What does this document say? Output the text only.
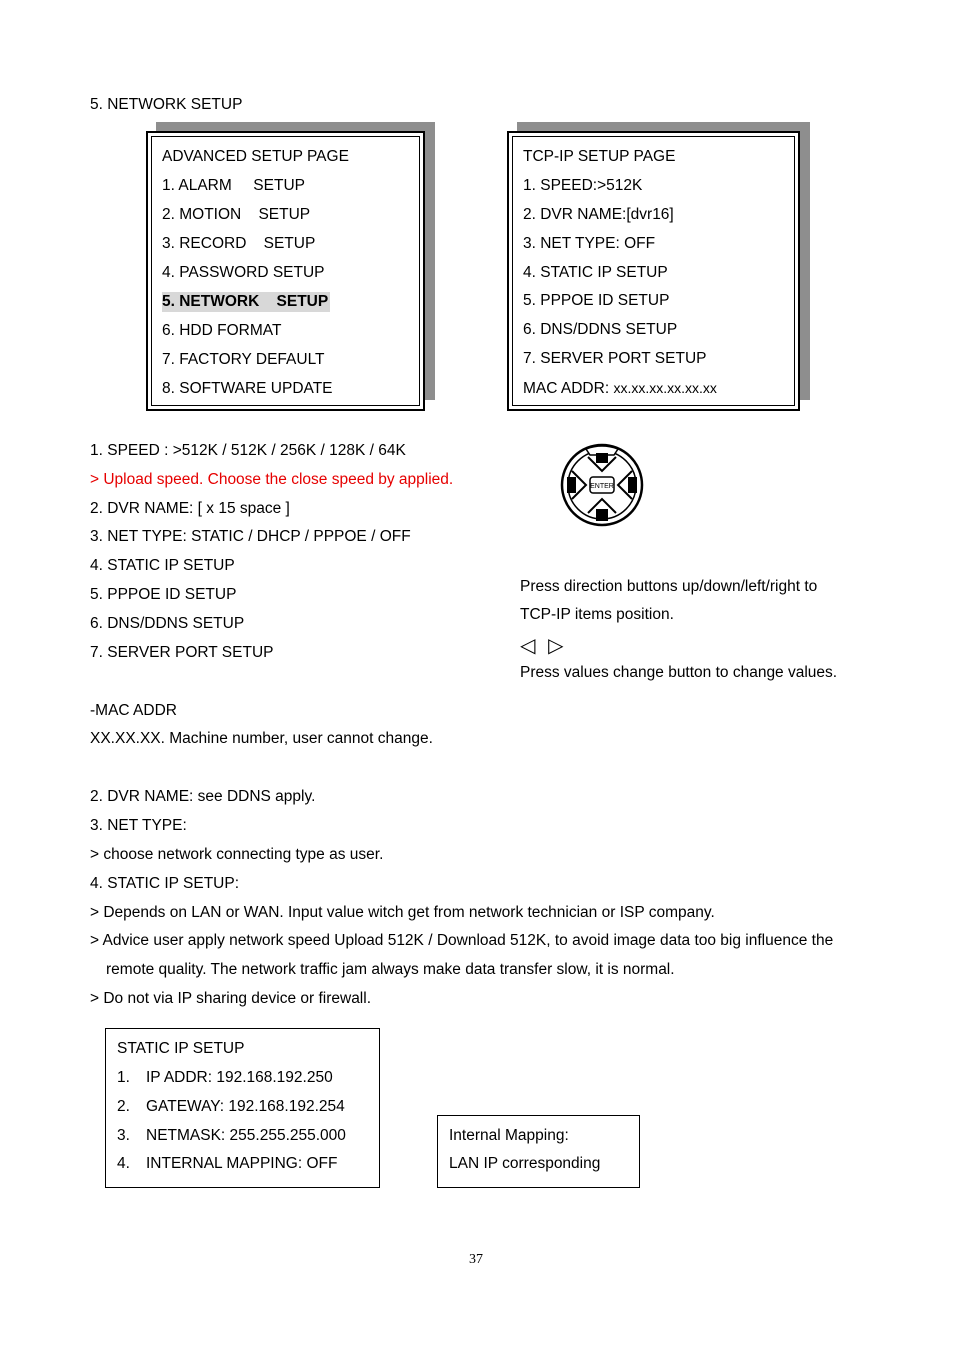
5. NETWORK SETUP
ADVANCED SETUP PAGE
1. ALARM     SETUP
2. MOTION    SETUP
3. RECORD    SETUP
4. PASSWORD SETUP
5. NETWORK    SETUP
6. HDD FORMAT
7. FACTORY DEFAULT
8. SOFTWARE UPDATE
TCP-IP SETUP PAGE
1. SPEED:>512K
2. DVR NAME:[dvr16]
3. NET TYPE: OFF
4. STATIC IP SETUP
5. PPPOE ID SETUP
6. DNS/DDNS SETUP
7. SERVER PORT SETUP
MAC ADDR: xx.xx.xx.xx.xx.xx
1. SPEED : >512K / 512K / 256K / 128K / 64K
> Upload speed. Choose the close speed by applied.
2. DVR NAME: [ x 15 space ]
3. NET TYPE: STATIC / DHCP / PPPOE / OFF
4. STATIC IP SETUP
5. PPPOE ID SETUP
6. DNS/DDNS SETUP
7. SERVER PORT SETUP
ENTER
Press direction buttons up/down/left/right to
TCP-IP items position.
◁  ▷
Press values change button to change values.
-MAC ADDR
XX.XX.XX. Machine number, user cannot change.
2. DVR NAME: see DDNS apply.
3. NET TYPE:
> choose network connecting type as user.
4. STATIC IP SETUP:
> Depends on LAN or WAN. Input value witch get from network technician or ISP company.
> Advice user apply network speed Upload 512K / Download 512K, to avoid image data too big influence the
remote quality. The network traffic jam always make data transfer slow, it is normal.
> Do not via IP sharing device or firewall.
STATIC IP SETUP
1. IP ADDR: 192.168.192.250
2. GATEWAY: 192.168.192.254
3. NETMASK: 255.255.255.000
4. INTERNAL MAPPING: OFF
Internal Mapping:
LAN IP corresponding
37
